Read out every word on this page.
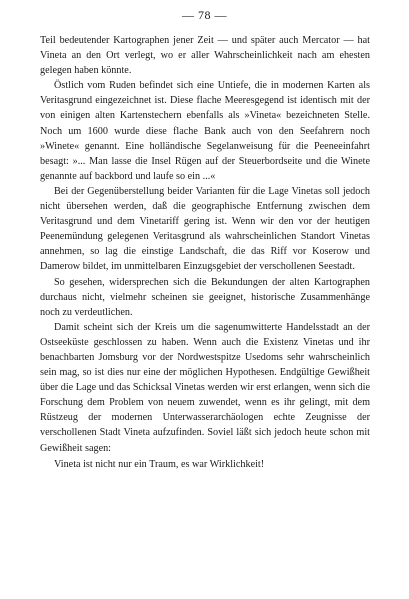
— 78 —

Teil bedeutender Kartographen jener Zeit — und später auch Mercator — hat Vineta an den Ort verlegt, wo er aller Wahrscheinlichkeit nach am ehesten gelegen haben könnte.

Östlich vom Ruden befindet sich eine Untiefe, die in modernen Karten als Veritasgrund eingezeichnet ist. Diese flache Meeresgegend ist identisch mit der von einigen alten Kartenstechern ebenfalls als »Vineta« bezeichneten Stelle. Noch um 1600 wurde diese flache Bank auch von den Seefahrern noch »Winete« genannt. Eine holländische Segelanweisung für die Peeneeinfahrt besagt: »... Man lasse die Insel Rügen auf der Steuerbordseite und die Winete genannte auf backbord und laufe so ein ...«

Bei der Gegenüberstellung beider Varianten für die Lage Vinetas soll jedoch nicht übersehen werden, daß die geographische Entfernung zwischen dem Veritasgrund und dem Vinetariff gering ist. Wenn wir den vor der heutigen Peenemündung gelegenen Veritasgrund als wahrscheinlichen Standort Vinetas annehmen, so lag die einstige Landschaft, die das Riff vor Koserow und Damerow bildet, im unmittelbaren Einzugsgebiet der verschollenen Seestadt.

So gesehen, widersprechen sich die Bekundungen der alten Kartographen durchaus nicht, vielmehr scheinen sie geeignet, historische Zusammenhänge noch zu verdeutlichen.

Damit scheint sich der Kreis um die sagenumwitterte Handelsstadt an der Ostseeküste geschlossen zu haben. Wenn auch die Existenz Vinetas und ihr benachbarten Jomsburg vor der Nordwestspitze Usedoms sehr wahrscheinlich sein mag, so ist dies nur eine der möglichen Hypothesen. Endgültige Gewißheit über die Lage und das Schicksal Vinetas werden wir erst erlangen, wenn sich die Forschung dem Problem von neuem zuwendet, wenn es ihr gelingt, mit dem Rüstzeug der modernen Unterwasserarchäologen echte Zeugnisse der verschollenen Stadt Vineta aufzufinden. Soviel läßt sich jedoch heute schon mit Gewißheit sagen:

Vineta ist nicht nur ein Traum, es war Wirklichkeit!
